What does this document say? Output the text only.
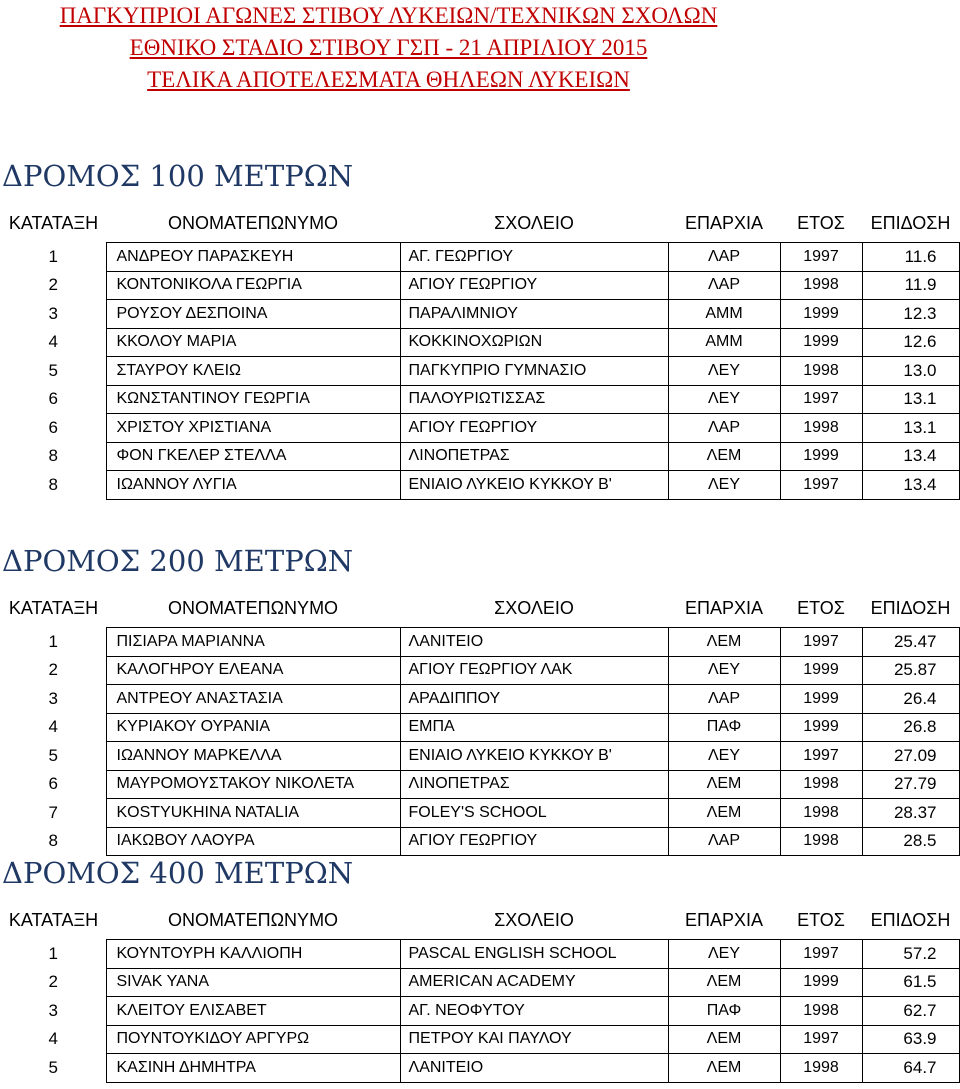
ΠΑΓΚΥΠΡΙΟΙ ΑΓΩΝΕΣ ΣΤΙΒΟΥ ΛΥΚΕΙΩΝ/ΤΕΧΝΙΚΩΝ ΣΧΟΛΩΝ

ΕΘΝΙΚΟ ΣΤΑΔΙΟ ΣΤΙΒΟΥ ΓΣΠ - 21 ΑΠΡΙΛΙΟΥ 2015

ΤΕΛΙΚΑ ΑΠΟΤΕΛΕΣΜΑΤΑ ΘΗΛΕΩΝ ΛΥΚΕΙΩΝ

ΔΡΟΜΟΣ 100 ΜΕΤΡΩΝ
ΚΑΤΑΤΑΞΗ	ΟΝΟΜΑΤΕΠΩΝΥΜΟ	ΣΧΟΛΕΙΟ	ΕΠΑΡΧΙΑ	ΕΤΟΣ	ΕΠΙΔΟΣΗ
1	ΑΝΔΡΕΟΥ ΠΑΡΑΣΚΕΥΗ	ΑΓ. ΓΕΩΡΓΙΟΥ	ΛΑΡ	1997	11.6
2	ΚΟΝΤΟΝΙΚΟΛΑ ΓΕΩΡΓΙΑ	ΑΓΙΟΥ ΓΕΩΡΓΙΟΥ	ΛΑΡ	1998	11.9
3	ΡΟΥΣΟΥ ΔΕΣΠΟΙΝΑ	ΠΑΡΑΛΙΜΝΙΟΥ	ΑΜΜ	1999	12.3
4	ΚΚΟΛΟΥ ΜΑΡΙΑ	ΚΟΚΚΙΝΟΧΩΡΙΩΝ	ΑΜΜ	1999	12.6
5	ΣΤΑΥΡΟΥ ΚΛΕΙΩ	ΠΑΓΚΥΠΡΙΟ ΓΥΜΝΑΣΙΟ	ΛΕΥ	1998	13.0
6	ΚΩΝΣΤΑΝΤΙΝΟΥ ΓΕΩΡΓΙΑ	ΠΑΛΟΥΡΙΩΤΙΣΣΑΣ	ΛΕΥ	1997	13.1
6	ΧΡΙΣΤΟΥ ΧΡΙΣΤΙΑΝΑ	ΑΓΙΟΥ ΓΕΩΡΓΙΟΥ	ΛΑΡ	1998	13.1
8	ΦΟΝ ΓΚΕΛΕΡ ΣΤΕΛΛΑ	ΛΙΝΟΠΕΤΡΑΣ	ΛΕΜ	1999	13.4
8	ΙΩΑΝΝΟΥ ΛΥΓΙΑ	ΕΝΙΑΙΟ ΛΥΚΕΙΟ ΚΥΚΚΟΥ Β'	ΛΕΥ	1997	13.4
ΔΡΟΜΟΣ 200 ΜΕΤΡΩΝ
ΚΑΤΑΤΑΞΗ	ΟΝΟΜΑΤΕΠΩΝΥΜΟ	ΣΧΟΛΕΙΟ	ΕΠΑΡΧΙΑ	ΕΤΟΣ	ΕΠΙΔΟΣΗ
1	ΠΙΣΙΑΡΑ ΜΑΡΙΑΝΝΑ	ΛΑΝΙΤΕΙΟ	ΛΕΜ	1997	25.47
2	ΚΑΛΟΓΗΡΟΥ ΕΛΕΑΝΑ	ΑΓΙΟΥ ΓΕΩΡΓΙΟΥ ΛΑΚ	ΛΕΥ	1999	25.87
3	ΑΝΤΡΕΟΥ ΑΝΑΣΤΑΣΙΑ	ΑΡΑΔΙΠΠΟΥ	ΛΑΡ	1999	26.4
4	ΚΥΡΙΑΚΟΥ ΟΥΡΑΝΙΑ	ΕΜΠΑ	ΠΑΦ	1999	26.8
5	ΙΩΑΝΝΟΥ ΜΑΡΚΕΛΛΑ	ΕΝΙΑΙΟ ΛΥΚΕΙΟ ΚΥΚΚΟΥ Β'	ΛΕΥ	1997	27.09
6	ΜΑΥΡΟΜΟΥΣΤΑΚΟΥ ΝΙΚΟΛΕΤΑ	ΛΙΝΟΠΕΤΡΑΣ	ΛΕΜ	1998	27.79
7	KOSTYUKHINA NATALIA	FOLEY'S SCHOOL	ΛΕΜ	1998	28.37
8	ΙΑΚΩΒΟΥ ΛΑΟΥΡΑ	ΑΓΙΟΥ ΓΕΩΡΓΙΟΥ	ΛΑΡ	1998	28.5
ΔΡΟΜΟΣ 400 ΜΕΤΡΩΝ
ΚΑΤΑΤΑΞΗ	ΟΝΟΜΑΤΕΠΩΝΥΜΟ	ΣΧΟΛΕΙΟ	ΕΠΑΡΧΙΑ	ΕΤΟΣ	ΕΠΙΔΟΣΗ
1	ΚΟΥΝΤΟΥΡΗ ΚΑΛΛΙΟΠΗ	PASCAL ENGLISH SCHOOL	ΛΕΥ	1997	57.2
2	SIVAK YANA	AMERICAN ACADEMY	ΛΕΜ	1999	61.5
3	ΚΛΕΙΤΟΥ ΕΛΙΣΑΒΕΤ	ΑΓ. ΝΕΟΦΥΤΟΥ	ΠΑΦ	1998	62.7
4	ΠΟΥΝΤΟΥΚΙΔΟΥ ΑΡΓΥΡΩ	ΠΕΤΡΟΥ ΚΑΙ ΠΑΥΛΟΥ	ΛΕΜ	1997	63.9
5	ΚΑΣΙΝΗ ΔΗΜΗΤΡΑ	ΛΑΝΙΤΕΙΟ	ΛΕΜ	1998	64.7
